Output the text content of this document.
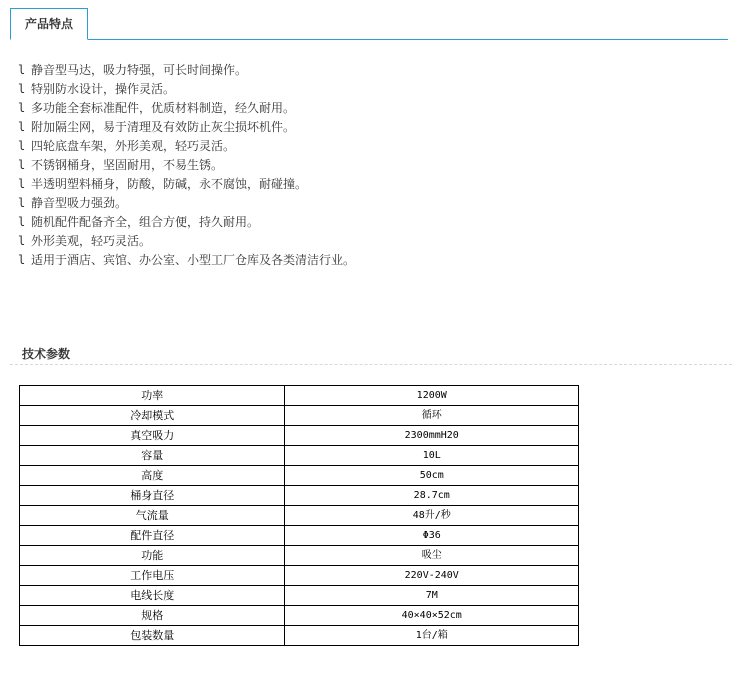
产品特点
l 静音型马达，吸力特强，可长时间操作。
l 特别防水设计，操作灵活。
l 多功能全套标准配件，优质材料制造，经久耐用。
l 附加隔尘网，易于清理及有效防止灰尘损坏机件。
l 四轮底盘车架，外形美观，轻巧灵活。
l 不锈钢桶身，坚固耐用，不易生锈。
l 半透明塑料桶身，防酸，防碱，永不腐蚀，耐碰撞。
l 静音型吸力强劲。
l 随机配件配备齐全，组合方便，持久耐用。
l 外形美观，轻巧灵活。
l 适用于酒店、宾馆、办公室、小型工厂仓库及各类清洁行业。
技术参数
功率	1200W
冷却模式	循环
真空吸力	2300mmH20
容量	10L
高度	50cm
桶身直径	28.7cm
气流量	48升/秒
配件直径	Φ36
功能	吸尘
工作电压	220V-240V
电线长度	7M
规格	40×40×52cm
包装数量	1台/箱
